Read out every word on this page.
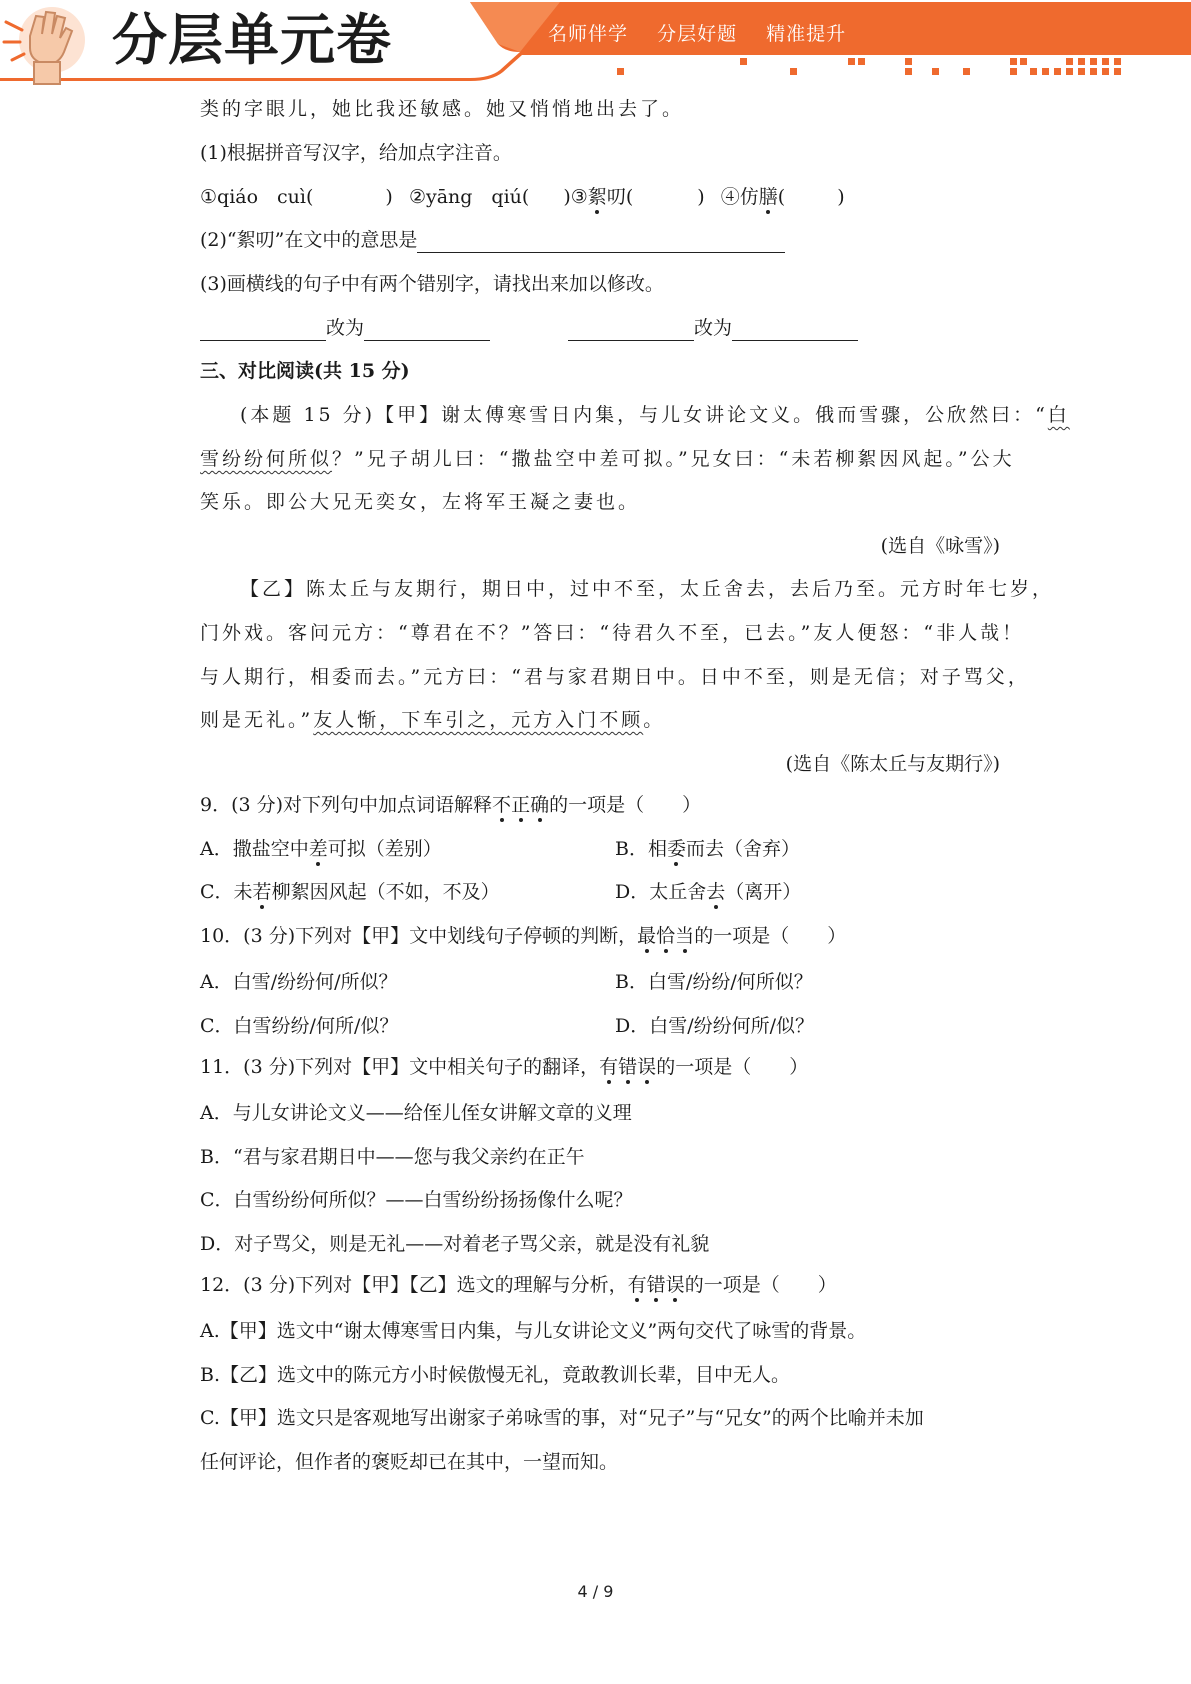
分层单元卷	名师伴学 分层好题 精准提升
类的字眼儿，她比我还敏感。她又悄悄地出去了。
(1)根据拼音写汉字，给加点字注音。
①qiáo　cuì(	) ②yāng　qiú( )③絮叨(	) ④仿膳(	)
(2)“絮叨”在文中的意思是
(3)画横线的句子中有两个错别字，请找出来加以修改。
改为	改为
三、对比阅读(共 15 分)
(本题 15 分)【甲】谢太傅寒雪日内集，与儿女讲论文义。俄而雪骤，公欣然曰：“白
雪纷纷何所似？”兄子胡儿曰：“撒盐空中差可拟。”兄女曰：“未若柳絮因风起。”公大
笑乐。即公大兄无奕女，左将军王凝之妻也。
(选自《咏雪》)
【乙】陈太丘与友期行，期日中，过中不至，太丘舍去，去后乃至。元方时年七岁，
门外戏。客问元方：“尊君在不？”答曰：“待君久不至，已去。”友人便怒：“非人哉！
与人期行，相委而去。”元方曰：“君与家君期日中。日中不至，则是无信；对子骂父，
则是无礼。”友人惭，下车引之，元方入门不顾。
(选自《陈太丘与友期行》)
9．(3 分)对下列句中加点词语解释不正确的一项是（　　）
A．撒盐空中差可拟（差别）	B．相委而去（舍弃）
C．未若柳絮因风起（不如，不及）	D．太丘舍去（离开）
10．(3 分)下列对【甲】文中划线句子停顿的判断，最恰当的一项是（　　）
A．白雪/纷纷何/所似？	B．白雪/纷纷/何所似？
C．白雪纷纷/何所/似？	D．白雪/纷纷何所/似？
11．(3 分)下列对【甲】文中相关句子的翻译，有错误的一项是（　　）
A．与儿女讲论文义——给侄儿侄女讲解文章的义理
B．“君与家君期日中——您与我父亲约在正午
C．白雪纷纷何所似？——白雪纷纷扬扬像什么呢？
D．对子骂父，则是无礼——对着老子骂父亲，就是没有礼貌
12．(3 分)下列对【甲】【乙】选文的理解与分析，有错误的一项是（　　）
A.【甲】选文中“谢太傅寒雪日内集，与儿女讲论文义”两句交代了咏雪的背景。
B.【乙】选文中的陈元方小时候傲慢无礼，竟敢教训长辈，目中无人。
C.【甲】选文只是客观地写出谢家子弟咏雪的事，对“兄子”与“兄女”的两个比喻并未加
任何评论，但作者的褒贬却已在其中，一望而知。
4 / 9
